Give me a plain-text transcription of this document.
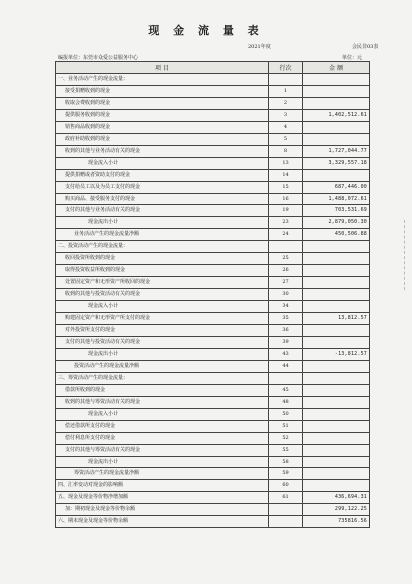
现 金 流 量 表
2021年度	会民非03表
编报单位：东莞市众爱公益服务中心	单位：元
项 目	行次	金 额
一、业务活动产生的现金流量：		
接受捐赠收到的现金	1	
收取会费收到的现金	2	
提供服务收到的现金	3	1,402,512.61
销售商品收到的现金	4	
政府补助收到的现金	5	
收到的其他与业务活动有关的现金	8	1,727,044.77
现金流入小计	13	3,329,557.18
提供捐赠或者资助支付的现金	14	
支付给员工以及为员工支付的现金	15	687,446.00
购买商品、接受服务支付的现金	16	1,488,072.61
支付的其他与业务活动有关的现金	19	703,531.69
现金流出小计	23	2,879,050.30
业务活动产生的现金流量净额	24	450,506.88
二、投资活动产生的现金流量：		
收回投资所收到的现金	25	
取得投资收益所收到的现金	26	
处置固定资产和无形资产所收回的现金	27	
收到的其他与投资活动有关的现金	30	
现金流入小计	34	
购建固定资产和无形资产所支付的现金	35	13,812.57
对外投资所支付的现金	36	
支付的其他与投资活动有关的现金	39	
现金流出小计	43	-13,812.57
投资活动产生的现金流量净额	44	
三、筹资活动产生的现金流量：		
借款所收到的现金	45	
收到的其他与筹资活动有关的现金	48	
现金流入小计	50	
偿还借款所支付的现金	51	
偿付利息所支付的现金	52	
支付的其他与筹资活动有关的现金	55	
现金流出小计	58	
筹资活动产生的现金流量净额	59	
四、汇率变动对现金的影响额	60	
五、现金及现金等价物净增加额	61	436,694.31
加：期初现金及现金等价物余额		299,122.25
六、期末现金及现金等价物余额		735816.56
